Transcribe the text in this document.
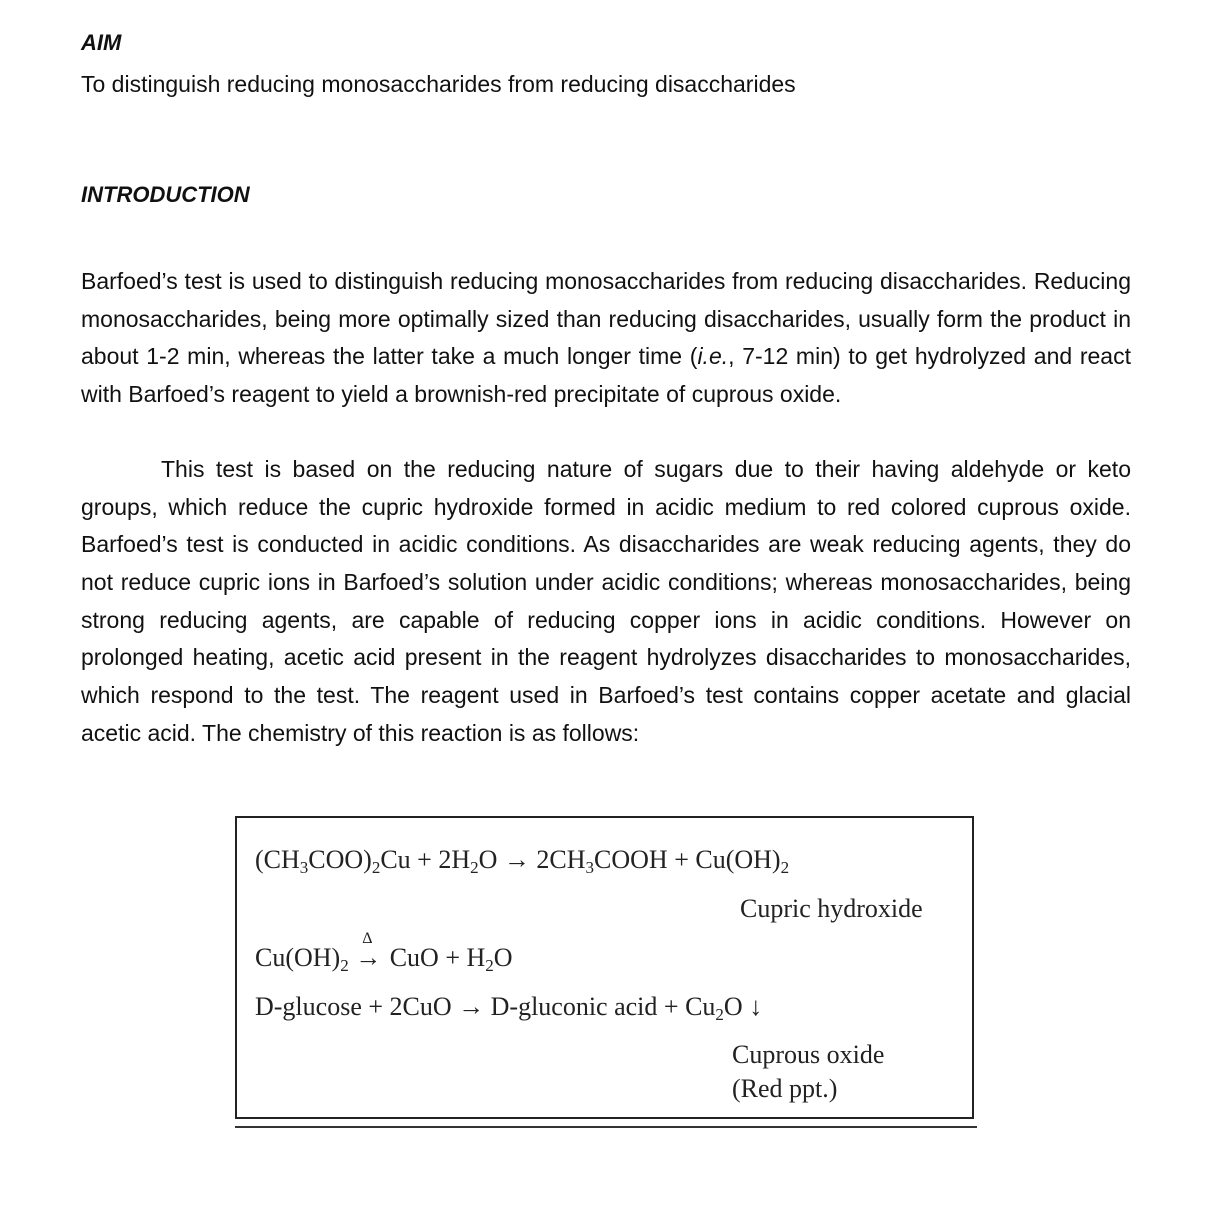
AIM

To distinguish reducing monosaccharides from reducing disaccharides

INTRODUCTION

Barfoed’s test is used to distinguish reducing monosaccharides from reducing disaccharides. Reducing monosaccharides, being more optimally sized than reducing disaccharides, usually form the product in about 1-2 min, whereas the latter take a much longer time (i.e., 7-12 min) to get hydrolyzed and react with Barfoed’s reagent to yield a brownish-red precipitate of cuprous oxide.

This test is based on the reducing nature of sugars due to their having aldehyde or keto groups, which reduce the cupric hydroxide formed in acidic medium to red colored cuprous oxide. Barfoed’s test is conducted in acidic conditions. As disaccharides are weak reducing agents, they do not reduce cupric ions in Barfoed’s solution under acidic conditions; whereas monosaccharides, being strong reducing agents, are capable of reducing copper ions in acidic conditions. However on prolonged heating, acetic acid present in the reagent hydrolyzes disaccharides to monosaccharides, which respond to the test. The reagent used in Barfoed’s test contains copper acetate and glacial acetic acid. The chemistry of this reaction is as follows:

$(CH_3COO)_2Cu + 2H_2O$ → $2CH_3COOH + Cu(OH)_2$
Cupric hydroxide
$Cu(OH)_2$
Δ
→ CuO + $H_2O$
D-glucose + 2CuO → D-gluconic acid + $Cu_2O$ ↓
Cuprous oxide
(Red ppt.)
